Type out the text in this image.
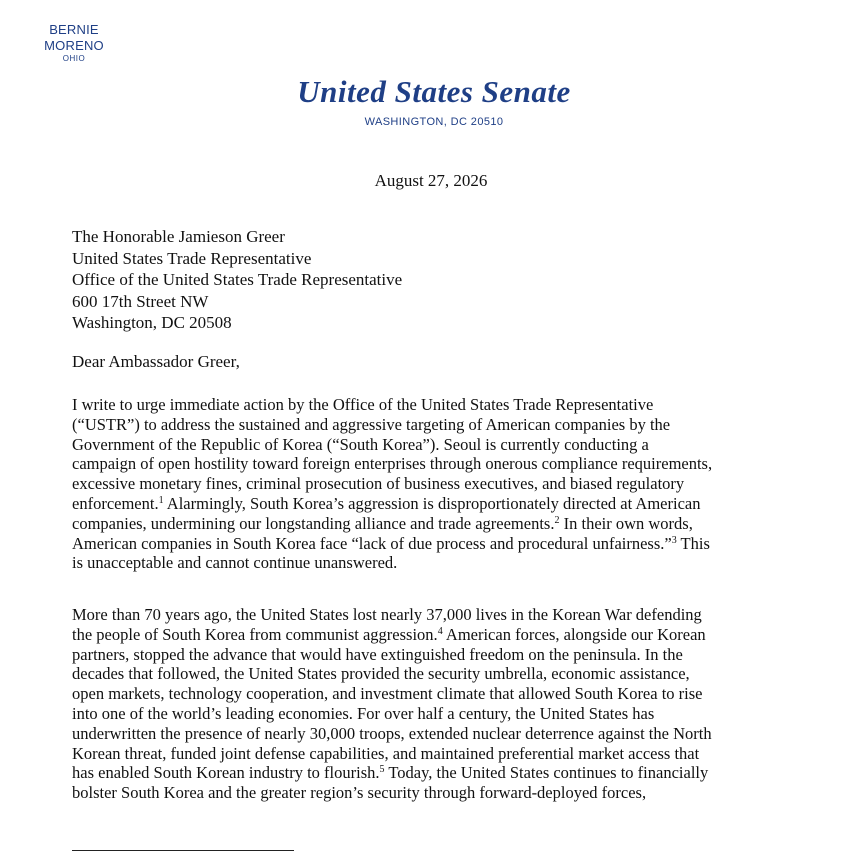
BERNIE MORENO
OHIO
United States Senate
WASHINGTON, DC 20510
August 27, 2026
The Honorable Jamieson Greer
United States Trade Representative
Office of the United States Trade Representative
600 17th Street NW
Washington, DC 20508
Dear Ambassador Greer,

I write to urge immediate action by the Office of the United States Trade Representative
(“USTR”) to address the sustained and aggressive targeting of American companies by the
Government of the Republic of Korea (“South Korea”). Seoul is currently conducting a
campaign of open hostility toward foreign enterprises through onerous compliance requirements,
excessive monetary fines, criminal prosecution of business executives, and biased regulatory
enforcement.$^1$ Alarmingly, South Korea’s aggression is disproportionately directed at American
companies, undermining our longstanding alliance and trade agreements.$^2$ In their own words,
American companies in South Korea face “lack of due process and procedural unfairness.”$^3$ This
is unacceptable and cannot continue unanswered.

More than 70 years ago, the United States lost nearly 37,000 lives in the Korean War defending
the people of South Korea from communist aggression.$^4$ American forces, alongside our Korean
partners, stopped the advance that would have extinguished freedom on the peninsula. In the
decades that followed, the United States provided the security umbrella, economic assistance,
open markets, technology cooperation, and investment climate that allowed South Korea to rise
into one of the world’s leading economies. For over half a century, the United States has
underwritten the presence of nearly 30,000 troops, extended nuclear deterrence against the North
Korean threat, funded joint defense capabilities, and maintained preferential market access that
has enabled South Korean industry to flourish.$^5$ Today, the United States continues to financially
bolster South Korea and the greater region’s security through forward-deployed forces,
